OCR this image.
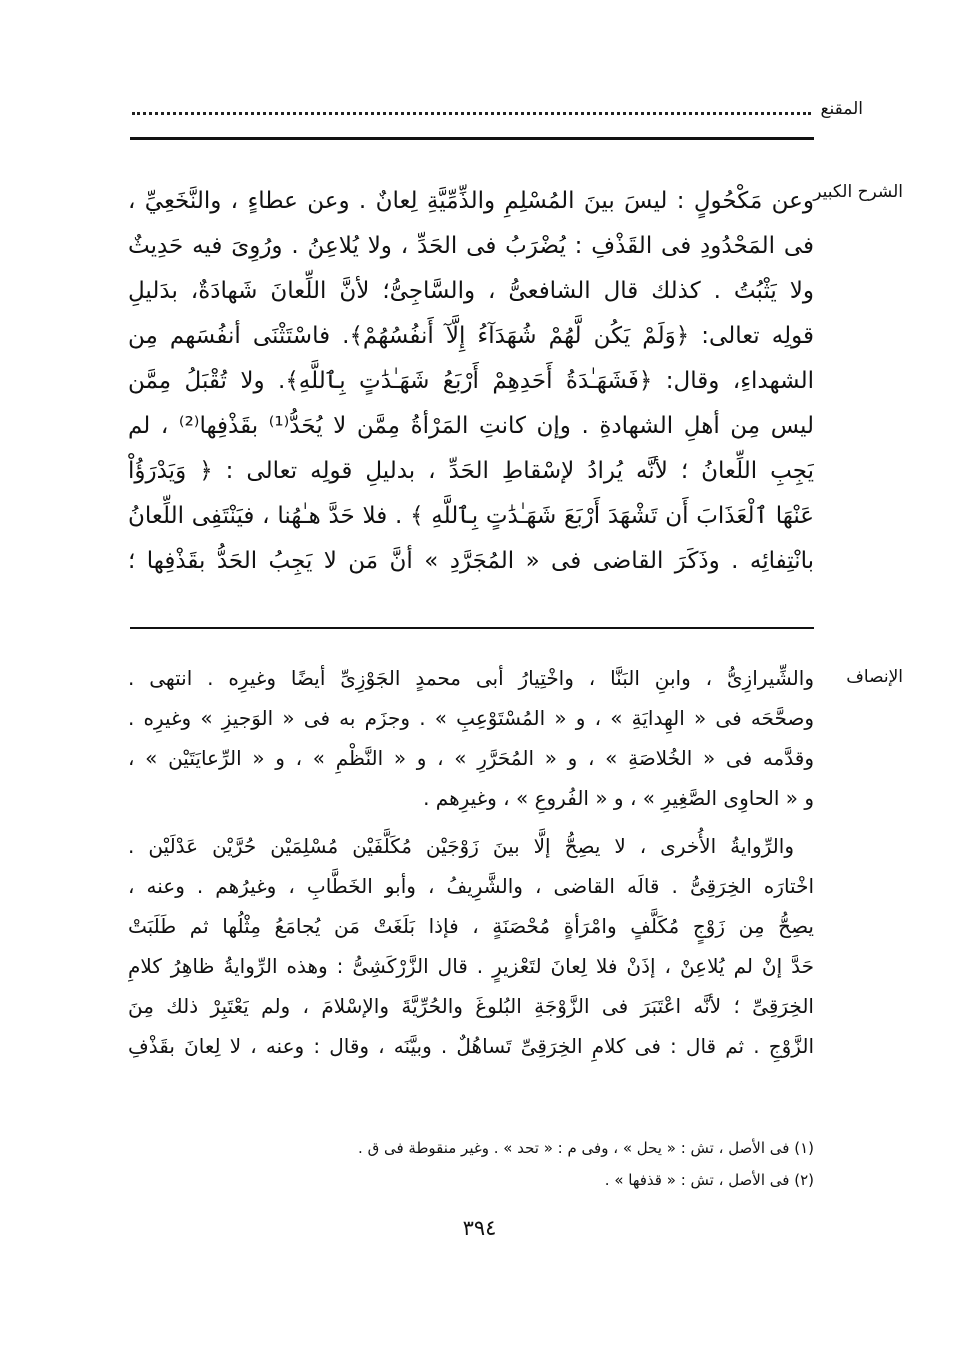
المقنع
الشرح الكبير
وعن مَكْحُولٍ : ليسَ بينَ المُسْلِمِ والذِّمِّيَّةِ لِعانٌ . وعن عطاءٍ ، والنَّخَعِيِّ ،
فى المَحْدُودِ فى القَذْفِ : يُضْرَبُ فى الحَدِّ ، ولا يُلاعِنُ . ورُوِىَ فيه حَدِيثٌ
ولا يَثْبُتُ . كذلك قال الشافعىُّ ، والسَّاجِىُّ؛ لأنَّ اللِّعانَ شَهادَةٌ، بدَليلِ
قولِه تعالى: ﴿وَلَمْ يَكُن لَّهُمْ شُهَدَآءُ إِلَّآ أَنفُسُهُمْ﴾. فاسْتَثْنَى أنفُسَهم مِن
الشهداءِ، وقال: ﴿فَشَهَـٰدَةُ أَحَدِهِمْ أَرْبَعُ شَهَـٰدَٰتٍ بِٱللَّهِ﴾. ولا تُقْبَلُ مِمَّن
ليس مِن أهلِ الشهادةِ . وإن كانتِ المَرْأةُ مِمَّن لا يُحَدُّ⁽¹⁾ بقَذْفِها⁽²⁾ ، لم
يَجِبِ اللِّعانُ ؛ لأنَّه يُرادُ لإسْقاطِ الحَدِّ ، بدليلِ قولِه تعالى : ﴿ وَيَدْرَؤُاْ
عَنْهَا ٱلْعَذَابَ أَن تَشْهَدَ أَرْبَعَ شَهَـٰدَٰتٍ بِٱللَّهِ ﴾ . فلا حَدَّ هـٰهُنا ، فيَنْتَفِى اللِّعانُ
بانْتِفائِه . وذَكَرَ القاضى فى « المُجَرَّدِ » أنَّ مَن لا يَجِبُ الحَدُّ بقَذْفِها ؛
الإنصاف
والشِّيرازِىُّ ، وابنِ البَنَّا ، واخْتِيارُ أبى محمدٍ الجَوْزِىِّ أيضًا وغيرِه . انتهى .
وصحَّحَه فى « الهِدايَةِ » ، و « المُسْتَوْعِبِ » . وجزَم به فى « الوَجيزِ » وغيرِه .
وقدَّمه فى « الخُلاصَةِ » ، و « المُحَرَّرِ » ، و « النَّظْمِ » ، و « الرِّعايَتَيْن » ،
و « الحاوِى الصَّغِيرِ » ، و « الفُروعِ » ، وغيرِهم .
والرِّوايةُ الأُخرى ، لا يصِحُّ إلَّا بينَ زَوْجَيْن مُكَلَّفَيْن مُسْلِمَيْن حُرَّيْن عَدْلَيْن .
اخْتارَه الخِرَقِىُّ . قالَه القاضى ، والشَّرِيفُ ، وأبو الخَطَّابِ ، وغيرُهم . وعنه ،
يصِحُّ مِن زَوْجٍ مُكَلَّفٍ وامْرَأةٍ مُحْصَنَةٍ ، فإذا بَلَغَتْ مَن يُجامَعُ مِثْلُها ثم طَلَبَتْ
حَدَّ إنْ لم يُلاعِنْ ، إذَنْ فلا لِعانَ لتَعْزيرٍ . قال الزَّرْكَشِىُّ : وهذه الرِّوايةُ ظاهِرُ كلامِ
الخِرَقِىِّ ؛ لأنَّه اعْتَبَرَ فى الزَّوْجَةِ البُلوغَ والحُرِّيَّةَ والإسْلامَ ، ولم يَعْتَبِرْ ذلك مِنَ
الزَّوْجِ . ثم قال : فى كلامِ الخِرَقِىِّ تَساهُلٌ . وبيَّنَه ، وقال : وعنه ، لا لِعانَ بقَذْفِ
(١) فى الأصل ، تش : « يحل » ، وفى م : « تحد » . وغير منقوطة فى ق .
(٢) فى الأصل ، تش : « قذفها » .
٣٩٤
